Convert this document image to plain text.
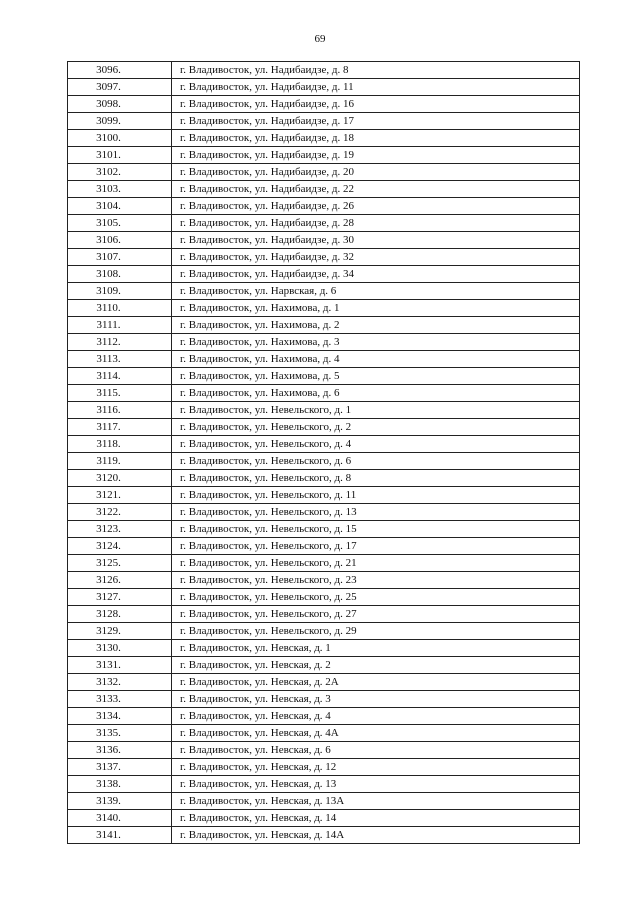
69
3096.	г. Владивосток, ул. Надибаидзе, д. 8
3097.	г. Владивосток, ул. Надибаидзе, д. 11
3098.	г. Владивосток, ул. Надибаидзе, д. 16
3099.	г. Владивосток, ул. Надибаидзе, д. 17
3100.	г. Владивосток, ул. Надибаидзе, д. 18
3101.	г. Владивосток, ул. Надибаидзе, д. 19
3102.	г. Владивосток, ул. Надибаидзе, д. 20
3103.	г. Владивосток, ул. Надибаидзе, д. 22
3104.	г. Владивосток, ул. Надибаидзе, д. 26
3105.	г. Владивосток, ул. Надибаидзе, д. 28
3106.	г. Владивосток, ул. Надибаидзе, д. 30
3107.	г. Владивосток, ул. Надибаидзе, д. 32
3108.	г. Владивосток, ул. Надибаидзе, д. 34
3109.	г. Владивосток, ул. Нарвская, д. 6
3110.	г. Владивосток, ул. Нахимова, д. 1
3111.	г. Владивосток, ул. Нахимова, д. 2
3112.	г. Владивосток, ул. Нахимова, д. 3
3113.	г. Владивосток, ул. Нахимова, д. 4
3114.	г. Владивосток, ул. Нахимова, д. 5
3115.	г. Владивосток, ул. Нахимова, д. 6
3116.	г. Владивосток, ул. Невельского, д. 1
3117.	г. Владивосток, ул. Невельского, д. 2
3118.	г. Владивосток, ул. Невельского, д. 4
3119.	г. Владивосток, ул. Невельского, д. 6
3120.	г. Владивосток, ул. Невельского, д. 8
3121.	г. Владивосток, ул. Невельского, д. 11
3122.	г. Владивосток, ул. Невельского, д. 13
3123.	г. Владивосток, ул. Невельского, д. 15
3124.	г. Владивосток, ул. Невельского, д. 17
3125.	г. Владивосток, ул. Невельского, д. 21
3126.	г. Владивосток, ул. Невельского, д. 23
3127.	г. Владивосток, ул. Невельского, д. 25
3128.	г. Владивосток, ул. Невельского, д. 27
3129.	г. Владивосток, ул. Невельского, д. 29
3130.	г. Владивосток, ул. Невская, д. 1
3131.	г. Владивосток, ул. Невская, д. 2
3132.	г. Владивосток, ул. Невская, д. 2А
3133.	г. Владивосток, ул. Невская, д. 3
3134.	г. Владивосток, ул. Невская, д. 4
3135.	г. Владивосток, ул. Невская, д. 4А
3136.	г. Владивосток, ул. Невская, д. 6
3137.	г. Владивосток, ул. Невская, д. 12
3138.	г. Владивосток, ул. Невская, д. 13
3139.	г. Владивосток, ул. Невская, д. 13А
3140.	г. Владивосток, ул. Невская, д. 14
3141.	г. Владивосток, ул. Невская, д. 14А
